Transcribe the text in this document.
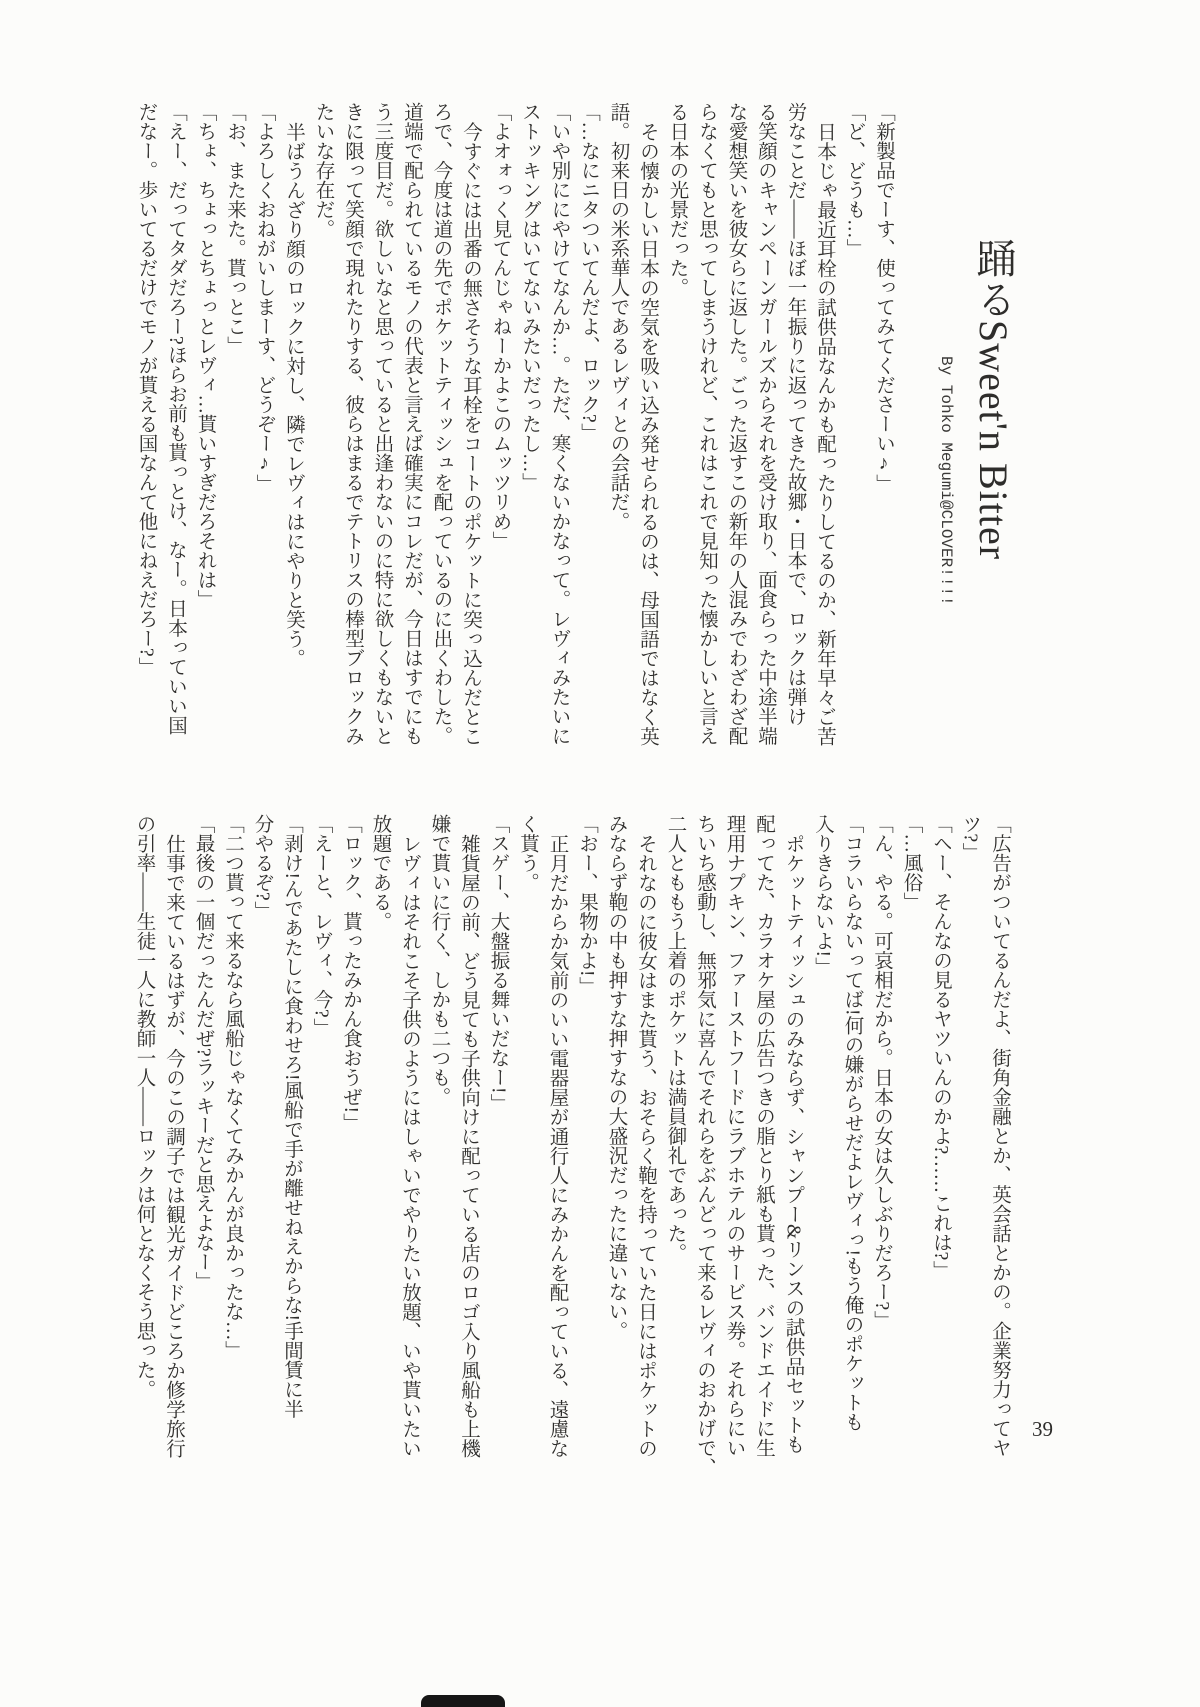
踊るSweet'n Bitter

By Tohko Megumi@CLOVER!!!!

「新製品でーす、使ってみてくださーい♪」

「ど、どうも…」

日本じゃ最近耳栓の試供品なんかも配ったりしてるのか、新年早々ご苦

労なことだ――ほぼ一年振りに返ってきた故郷・日本で、ロックは弾け

る笑顔のキャンペーンガールズからそれを受け取り、面食らった中途半端

な愛想笑いを彼女らに返した。ごった返すこの新年の人混みでわざわざ配

らなくてもと思ってしまうけれど、これはこれで見知った懐かしいと言え

る日本の光景だった。

その懐かしい日本の空気を吸い込み発せられるのは、母国語ではなく英

語。初来日の米系華人であるレヴィとの会話だ。

「…なにニタついてんだよ、ロック?」

「いや別ににやけてなんか…。ただ、寒くないかなって。レヴィみたいに

ストッキングはいてないみたいだったし…」

「よオォっく見てんじゃねーかよこのムッツリめ」

今すぐには出番の無さそうな耳栓をコートのポケットに突っ込んだとこ

ろで、今度は道の先でポケットティッシュを配っているのに出くわした。

道端で配られているモノの代表と言えば確実にコレだが、今日はすでにも

う三度目だ。欲しいなと思っていると出逢わないのに特に欲しくもないと

きに限って笑顔で現れたりする、彼らはまるでテトリスの棒型ブロックみ

たいな存在だ。

半ばうんざり顔のロックに対し、隣でレヴィはにやりと笑う。

「よろしくおねがいしまーす、どうぞー♪」

「お、また来た。貰っとこ」

「ちょ、ちょっとちょっとレヴィ…貰いすぎだろそれは」

「えー、だってタダだろー?ほらお前も貰っとけ、なー。日本っていい国

だなー。歩いてるだけでモノが貰える国なんて他にねえだろー?」

「広告がついてるんだよ、街角金融とか、英会話とかの。企業努力ってヤ

ツ?」

「ヘー、そんなの見るヤツいんのかよ?……これは?」

「…風俗」

「ん、やる。可哀相だから。日本の女は久しぶりだろー?」

「コラいらないってば!何の嫌がらせだよレヴィっ!もう俺のポケットも

入りきらないよ!」

ポケットティッシュのみならず、シャンプー&リンスの試供品セットも

配ってた、カラオケ屋の広告つきの脂とり紙も貰った、バンドエイドに生

理用ナプキン、ファーストフードにラブホテルのサービス券。それらにい

ちいち感動し、無邪気に喜んでそれらをぶんどって来るレヴィのおかげで、

二人とももう上着のポケットは満員御礼であった。

それなのに彼女はまた貰う、おそらく鞄を持っていた日にはポケットの

みならず鞄の中も押すな押すなの大盛況だったに違いない。

「おー、果物かよ!」

正月だからか気前のいい電器屋が通行人にみかんを配っている、遠慮な

く貰う。

「スゲー、大盤振る舞いだなー!」

雑貨屋の前、どう見ても子供向けに配っている店のロゴ入り風船も上機

嫌で貰いに行く、しかも二つも。

レヴィはそれこそ子供のようにはしゃいでやりたい放題、いや貰いたい

放題である。

「ロック、貰ったみかん食おうぜ!」

「えーと、レヴィ、今?」

「剥け!んであたしに食わせろ!風船で手が離せねえからな!手間賃に半

分やるぞ?」

「二つ貰って来るなら風船じゃなくてみかんが良かったな…」

「最後の一個だったんだぜ?ラッキーだと思えよなー」

仕事で来ているはずが、今のこの調子では観光ガイドどころか修学旅行

の引率――生徒一人に教師一人――ロックは何となくそう思った。

39
